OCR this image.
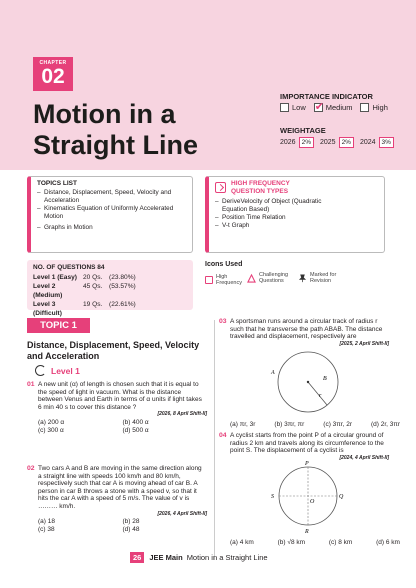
CHAPTER
02
Motion in a Straight Line
IMPORTANCE INDICATOR
Low
✔	Medium	High
WEIGHTAGE
2026 2%	2025 2%	2024 3%
TOPICS LIST
– Distance, Displacement, Speed, Velocity and Acceleration
– Kinematics Equation of Uniformly Accelerated Motion
– Graphs in Motion
HIGH FREQUENCY QUESTION TYPES
– DeriveVelocity of Object (Quadratic Equation Based)
– Position Time Relation
– V-t Graph
NO. OF QUESTIONS 84
Level 1 (Easy) 20 Qs. (23.80%)
Level 2 (Medium)
45 Qs. (53.57%)
Level 3 (Difficult)
19 Qs. (22.61%)
Icons Used
High Frequency
Challenging Questions
Marked for Revision
TOPIC 1
Distance, Displacement, Speed, Velocity and Acceleration
Level 1
01 A new unit (α) of length is chosen such that it is equal to the speed of light in vacuum. What is the distance between Venus and Earth in terms of α units if light takes 6 min 40 s to cover this distance ?
[2026, 8 April Shift-II]
(a) 200 α	(b) 400 α
(c) 300 α	(d) 500 α
02 Two cars A and B are moving in the same direction along a straight line with speeds 100 km/h and 80 km/h, respectively such that car A is moving ahead of car B. A person in car B throws a stone with a speed v, so that it hits the car A with a speed of 5 m/s. The value of v is ……… km/h.
[2026, 4 April Shift-II]
(a) 18	(b) 28
(c) 38	(d) 48
03 A sportsman runs around a circular track of radius r such that he transverse the path ABAB. The distance travelled and displacement, respectively are
[2025, 2 April Shift-II]
A
B
r
(a) πr, 3r	(b) 3πr, πr	(c) 3πr, 2r	(d) 2r, 3πr
04 A cyclist starts from the point P of a circular ground of radius 2 km and travels along its circumference to the point S. The displacement of a cyclist is
[2024, 4 April Shift-II]
P
Q
R
S
O
(a) 4 km	(b) √8 km	(c) 8 km	(d) 6 km
26	JEE Main Motion in a Straight Line
